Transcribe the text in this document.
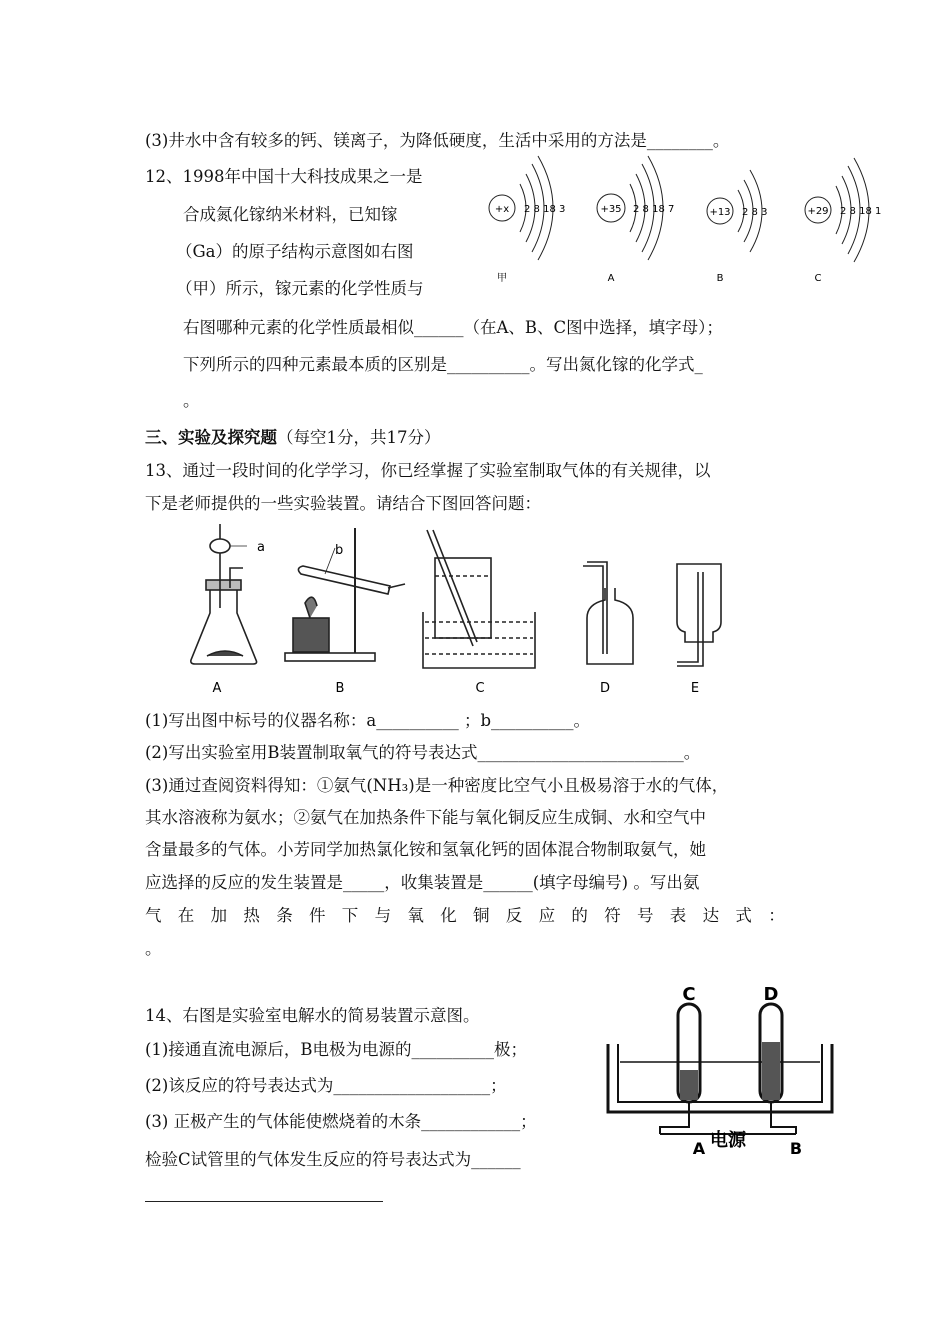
(3)井水中含有较多的钙、镁离子，为降低硬度，生活中采用的方法是________。
12、1998年中国十大科技成果之一是
合成氮化镓纳米材料，已知镓
（Ga）的原子结构示意图如右图
（甲）所示，镓元素的化学性质与
右图哪种元素的化学性质最相似______（在A、B、C图中选择，填字母）；
下列所示的四种元素最本质的区别是__________。写出氮化镓的化学式_
。
三、实验及探究题（每空1分，共17分）
13、通过一段时间的化学学习，你已经掌握了实验室制取气体的有关规律，以
下是老师提供的一些实验装置。请结合下图回答问题：
(1)写出图中标号的仪器名称：a__________ ；b__________。
(2)写出实验室用B装置制取氧气的符号表达式_________________________。
(3)通过查阅资料得知：①氨气(NH₃)是一种密度比空气小且极易溶于水的气体，
其水溶液称为氨水；②氨气在加热条件下能与氧化铜反应生成铜、水和空气中
含量最多的气体。小芳同学加热氯化铵和氢氧化钙的固体混合物制取氨气，她
应选择的反应的发生装置是_____，收集装置是______(填字母编号) 。写出氨
气在加热条件下与氧化铜反应的符号表达式：
。
14、右图是实验室电解水的简易装置示意图。
(1)接通直流电源后，B电极为电源的__________极；
(2)该反应的符号表达式为___________________；
(3) 正极产生的气体能使燃烧着的木条____________；
检验C试管里的气体发生反应的符号表达式为______
+x 2 8 18 3
甲
+35 2 8 18 7
A
+13 2 8 3
B
+29 2 8 18 1
C
a	b
A	B	C	D	E
C	D
电源
A	B
